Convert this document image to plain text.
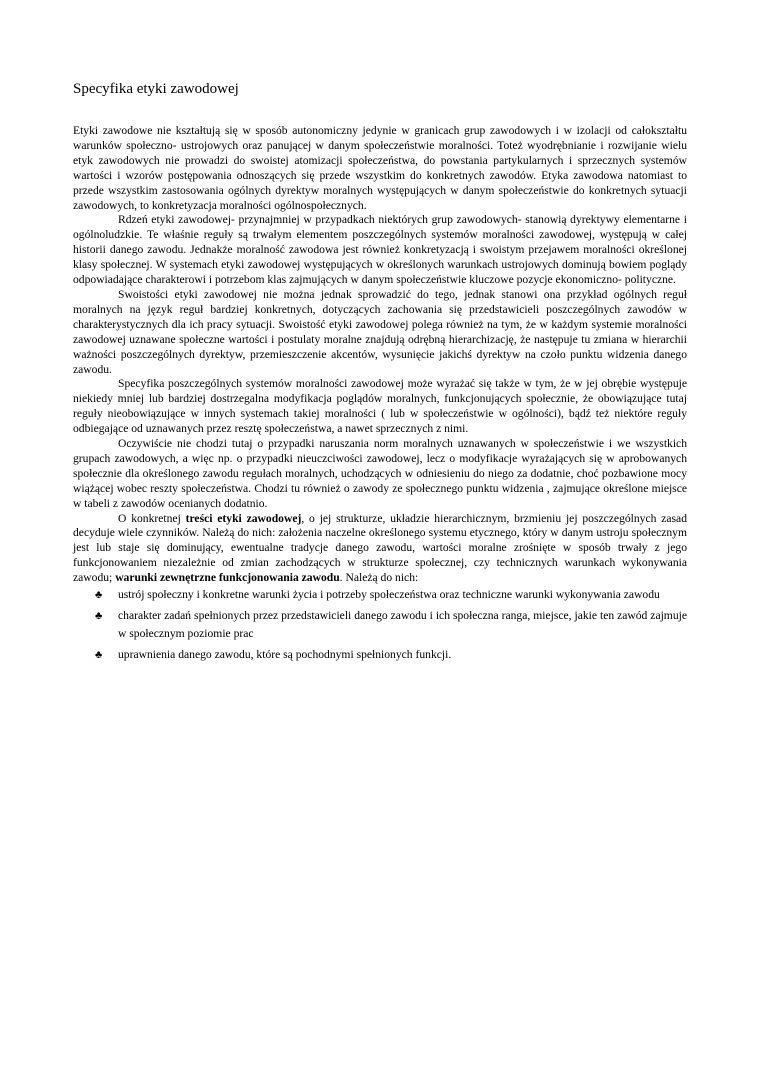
Specyfika etyki zawodowej

Etyki zawodowe nie kształtują się w sposób autonomiczny jedynie w granicach grup zawodowych i w izolacji od całokształtu warunków społeczno- ustrojowych oraz panującej w danym społeczeństwie moralności. Toteż wyodrębnianie i rozwijanie wielu etyk zawodowych nie prowadzi do swoistej atomizacji społeczeństwa, do powstania partykularnych i sprzecznych systemów wartości i wzorów postępowania odnoszących się przede wszystkim do konkretnych zawodów. Etyka zawodowa natomiast to przede wszystkim zastosowania ogólnych dyrektyw moralnych występujących w danym społeczeństwie do konkretnych sytuacji zawodowych, to konkretyzacja moralności ogólnospołecznych.

Rdzeń etyki zawodowej- przynajmniej w przypadkach niektórych grup zawodowych- stanowią dyrektywy elementarne i ogólnoludzkie. Te właśnie reguły są trwałym elementem poszczególnych systemów moralności zawodowej, występują w całej historii danego zawodu. Jednakże moralność zawodowa jest również konkretyzacją i swoistym przejawem moralności określonej klasy społecznej. W systemach etyki zawodowej występujących w określonych warunkach ustrojowych dominują bowiem poglądy odpowiadające charakterowi i potrzebom klas zajmujących w danym społeczeństwie kluczowe pozycje ekonomiczno- polityczne.

Swoistości etyki zawodowej nie można jednak sprowadzić do tego, jednak stanowi ona przykład ogólnych reguł moralnych na język reguł bardziej konkretnych, dotyczących zachowania się przedstawicieli poszczególnych zawodów w charakterystycznych dla ich pracy sytuacji. Swoistość etyki zawodowej polega również na tym, że w każdym systemie moralności zawodowej uznawane społeczne wartości i postulaty moralne znajdują odrębną hierarchizację, że następuje tu zmiana w hierarchii ważności poszczególnych dyrektyw, przemieszczenie akcentów, wysunięcie jakichś dyrektyw na czoło punktu widzenia danego zawodu.

Specyfika poszczególnych systemów moralności zawodowej może wyrażać się także w tym, że w jej obrębie występuje niekiedy mniej lub bardziej dostrzegalna modyfikacja poglądów moralnych, funkcjonujących społecznie, że obowiązujące tutaj reguły nieobowiązujące w innych systemach takiej moralności ( lub w społeczeństwie w ogólności), bądź też niektóre reguły odbiegające od uznawanych przez resztę społeczeństwa, a nawet sprzecznych z nimi.

Oczywiście nie chodzi tutaj o przypadki naruszania norm moralnych uznawanych w społeczeństwie i we wszystkich grupach zawodowych, a więc np. o przypadki nieuczciwości zawodowej, lecz o modyfikacje wyrażających się w aprobowanych społecznie dla określonego zawodu regułach moralnych, uchodzących w odniesieniu do niego za dodatnie, choć pozbawione mocy wiążącej wobec reszty społeczeństwa. Chodzi tu również o zawody ze społecznego punktu widzenia , zajmujące określone miejsce w tabeli z zawodów ocenianych dodatnio.

O konkretnej treści etyki zawodowej, o jej strukturze, układzie hierarchicznym, brzmieniu jej poszczególnych zasad decyduje wiele czynników. Należą do nich: założenia naczelne określonego systemu etycznego, który w danym ustroju społecznym jest lub staje się dominujący, ewentualne tradycje danego zawodu, wartości moralne zrośnięte w sposób trwały z jego funkcjonowaniem niezależnie od zmian zachodzących w strukturze społecznej, czy technicznych warunkach wykonywania zawodu; warunki zewnętrzne funkcjonowania zawodu. Należą do nich:

♣ ustrój społeczny i konkretne warunki życia i potrzeby społeczeństwa oraz techniczne warunki wykonywania zawodu
♣ charakter zadań spełnionych przez przedstawicieli danego zawodu i ich społeczna ranga, miejsce, jakie ten zawód zajmuje w społecznym poziomie prac
♣ uprawnienia danego zawodu, które są pochodnymi spełnionych funkcji.
